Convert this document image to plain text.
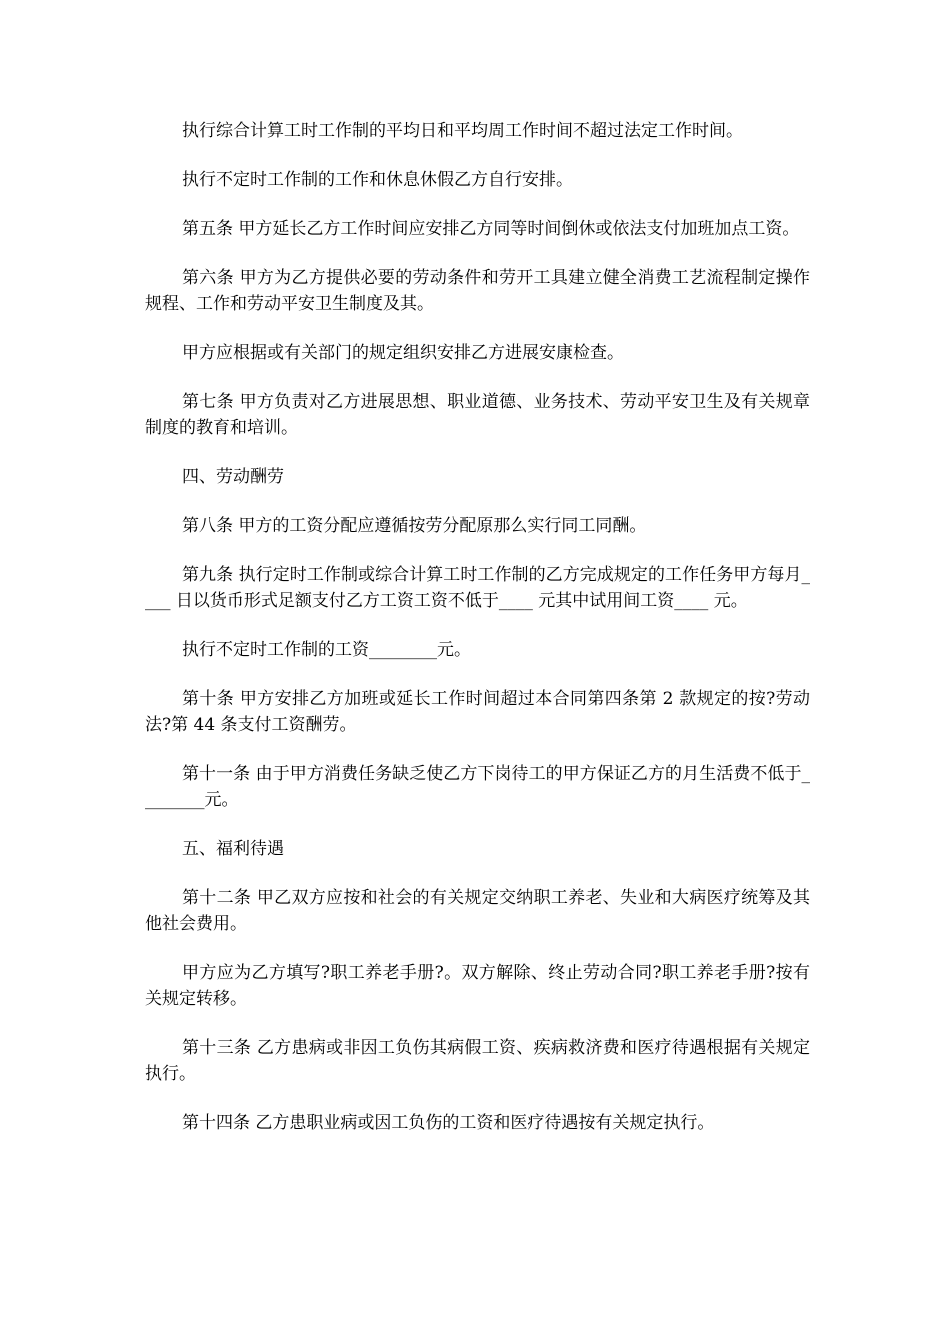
执行综合计算工时工作制的平均日和平均周工作时间不超过法定工作时间。

执行不定时工作制的工作和休息休假乙方自行安排。

第五条 甲方延长乙方工作时间应安排乙方同等时间倒休或依法支付加班加点工资。

第六条 甲方为乙方提供必要的劳动条件和劳开工具建立健全消费工艺流程制定操作规程、工作和劳动平安卫生制度及其。

甲方应根据或有关部门的规定组织安排乙方进展安康检查。

第七条 甲方负责对乙方进展思想、职业道德、业务技术、劳动平安卫生及有关规章制度的教育和培训。

四、劳动酬劳

第八条 甲方的工资分配应遵循按劳分配原那么实行同工同酬。

第九条 执行定时工作制或综合计算工时工作制的乙方完成规定的工作任务甲方每月____ 日以货币形式足额支付乙方工资工资不低于____ 元其中试用间工资____ 元。

执行不定时工作制的工资________元。

第十条 甲方安排乙方加班或延长工作时间超过本合同第四条第 2 款规定的按?劳动法?第 44 条支付工资酬劳。

第十一条 由于甲方消费任务缺乏使乙方下岗待工的甲方保证乙方的月生活费不低于________元。

五、福利待遇

第十二条 甲乙双方应按和社会的有关规定交纳职工养老、失业和大病医疗统筹及其他社会费用。

甲方应为乙方填写?职工养老手册?。双方解除、终止劳动合同?职工养老手册?按有关规定转移。

第十三条 乙方患病或非因工负伤其病假工资、疾病救济费和医疗待遇根据有关规定执行。

第十四条 乙方患职业病或因工负伤的工资和医疗待遇按有关规定执行。
